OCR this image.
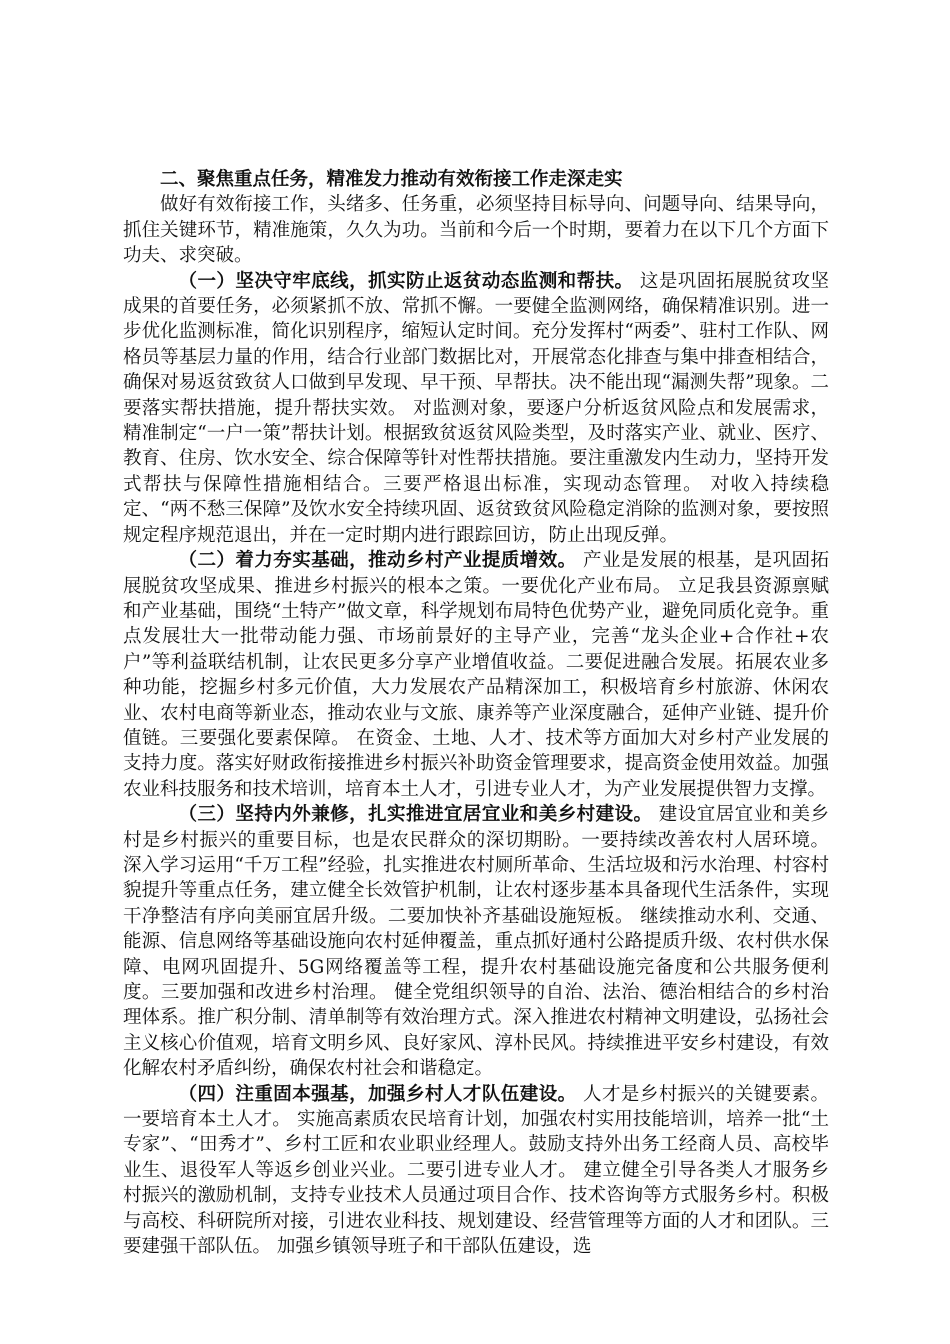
二、聚焦重点任务，精准发力推动有效衔接工作走深走实

做好有效衔接工作，头绪多、任务重，必须坚持目标导向、问题导向、结果导向，抓住关键环节，精准施策，久久为功。当前和今后一个时期，要着力在以下几个方面下功夫、求突破。

（一）坚决守牢底线，抓实防止返贫动态监测和帮扶。 这是巩固拓展脱贫攻坚成果的首要任务，必须紧抓不放、常抓不懈。一要健全监测网络，确保精准识别。进一步优化监测标准，简化识别程序，缩短认定时间。充分发挥村“两委”、驻村工作队、网格员等基层力量的作用，结合行业部门数据比对，开展常态化排查与集中排查相结合，确保对易返贫致贫人口做到早发现、早干预、早帮扶。决不能出现“漏测失帮”现象。二要落实帮扶措施，提升帮扶实效。 对监测对象，要逐户分析返贫风险点和发展需求，精准制定“一户一策”帮扶计划。根据致贫返贫风险类型，及时落实产业、就业、医疗、教育、住房、饮水安全、综合保障等针对性帮扶措施。要注重激发内生动力，坚持开发式帮扶与保障性措施相结合。三要严格退出标准，实现动态管理。 对收入持续稳定、“两不愁三保障”及饮水安全持续巩固、返贫致贫风险稳定消除的监测对象，要按照规定程序规范退出，并在一定时期内进行跟踪回访，防止出现反弹。

（二）着力夯实基础，推动乡村产业提质增效。 产业是发展的根基，是巩固拓展脱贫攻坚成果、推进乡村振兴的根本之策。一要优化产业布局。 立足我县资源禀赋和产业基础，围绕“土特产”做文章，科学规划布局特色优势产业，避免同质化竞争。重点发展壮大一批带动能力强、市场前景好的主导产业，完善“龙头企业+合作社+农户”等利益联结机制，让农民更多分享产业增值收益。二要促进融合发展。拓展农业多种功能，挖掘乡村多元价值，大力发展农产品精深加工，积极培育乡村旅游、休闲农业、农村电商等新业态，推动农业与文旅、康养等产业深度融合，延伸产业链、提升价值链。三要强化要素保障。 在资金、土地、人才、技术等方面加大对乡村产业发展的支持力度。落实好财政衔接推进乡村振兴补助资金管理要求，提高资金使用效益。加强农业科技服务和技术培训，培育本土人才，引进专业人才，为产业发展提供智力支撑。

（三）坚持内外兼修，扎实推进宜居宜业和美乡村建设。 建设宜居宜业和美乡村是乡村振兴的重要目标，也是农民群众的深切期盼。一要持续改善农村人居环境。 深入学习运用“千万工程”经验，扎实推进农村厕所革命、生活垃圾和污水治理、村容村貌提升等重点任务，建立健全长效管护机制，让农村逐步基本具备现代生活条件，实现干净整洁有序向美丽宜居升级。二要加快补齐基础设施短板。 继续推动水利、交通、能源、信息网络等基础设施向农村延伸覆盖，重点抓好通村公路提质升级、农村供水保障、电网巩固提升、5G网络覆盖等工程，提升农村基础设施完备度和公共服务便利度。三要加强和改进乡村治理。 健全党组织领导的自治、法治、德治相结合的乡村治理体系。推广积分制、清单制等有效治理方式。深入推进农村精神文明建设，弘扬社会主义核心价值观，培育文明乡风、良好家风、淳朴民风。持续推进平安乡村建设，有效化解农村矛盾纠纷，确保农村社会和谐稳定。

（四）注重固本强基，加强乡村人才队伍建设。 人才是乡村振兴的关键要素。一要培育本土人才。 实施高素质农民培育计划，加强农村实用技能培训，培养一批“土专家”、“田秀才”、乡村工匠和农业职业经理人。鼓励支持外出务工经商人员、高校毕业生、退役军人等返乡创业兴业。二要引进专业人才。 建立健全引导各类人才服务乡村振兴的激励机制，支持专业技术人员通过项目合作、技术咨询等方式服务乡村。积极与高校、科研院所对接，引进农业科技、规划建设、经营管理等方面的人才和团队。三要建强干部队伍。 加强乡镇领导班子和干部队伍建设，选
